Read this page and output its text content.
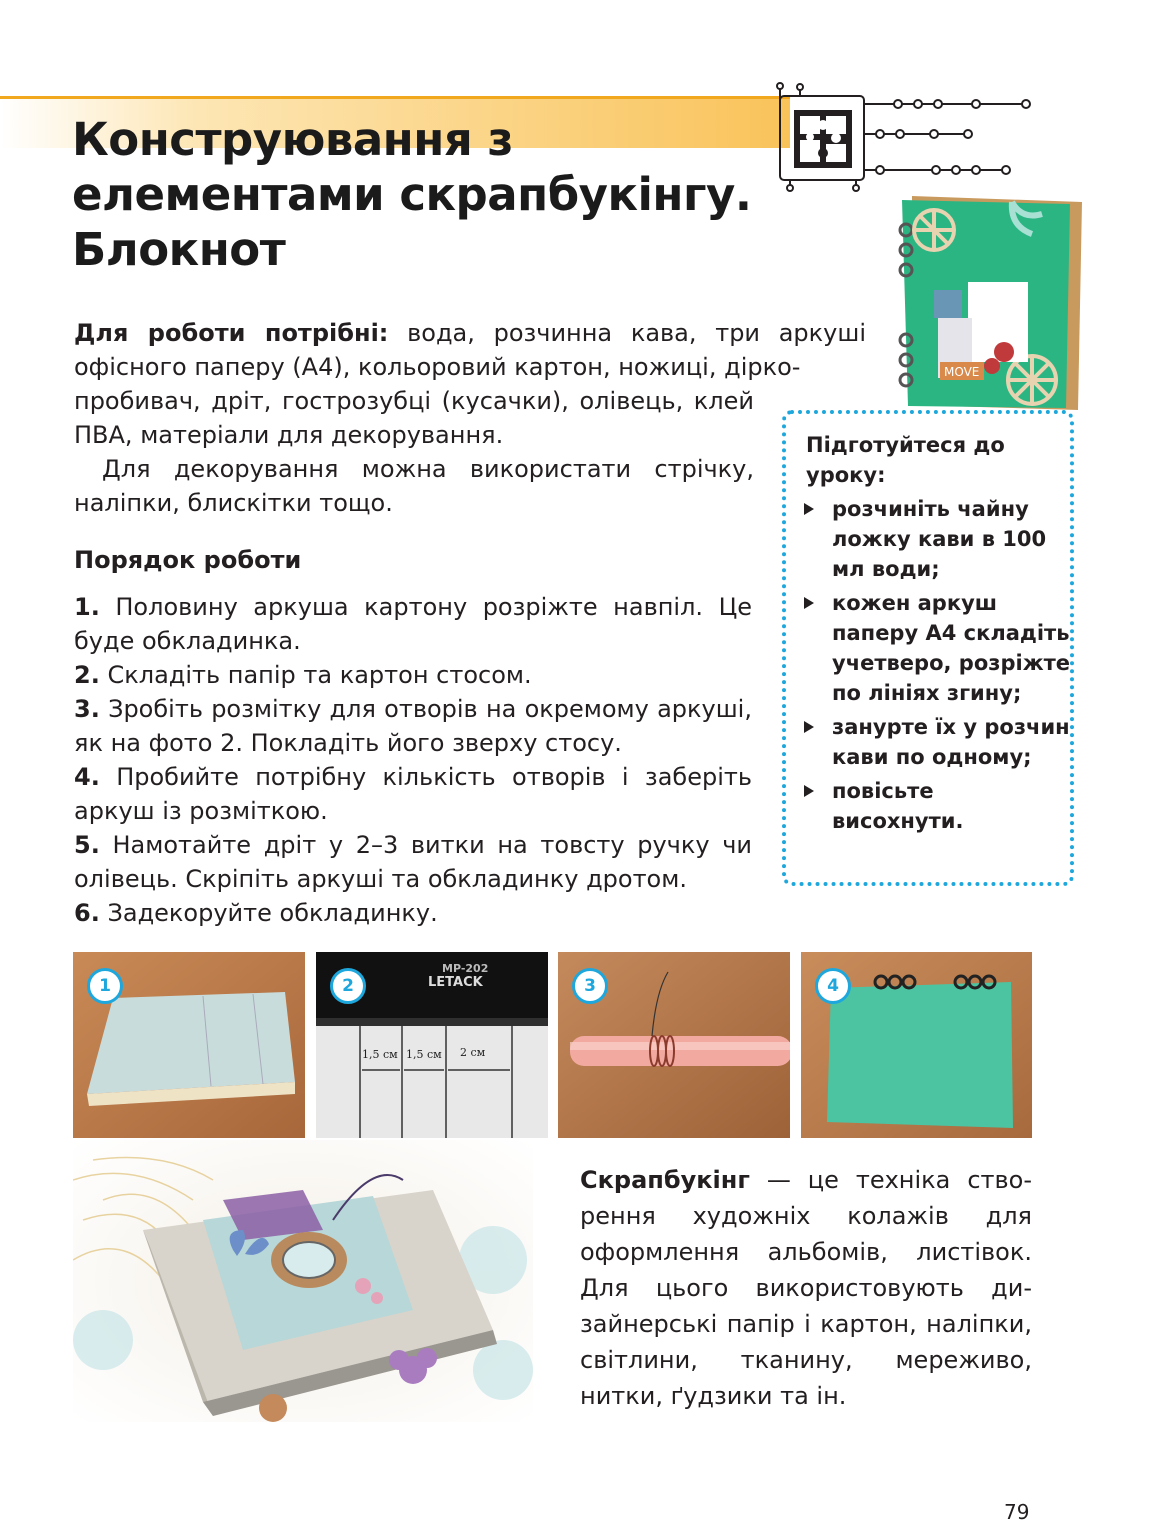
Конструювання з елементами скрапбукінгу. Блокнот
MOVE

Для роботи потрібні: вода, розчинна кава, три аркуші офісного паперу (А4), кольоровий картон, ножиці, дірко-

пробивач, дріт, гострозубці (кусачки), олівець, клей ПВА, матеріали для декорування.

Для декорування можна використати стрічку, наліпки, блискітки тощо.

Порядок роботи

1. Половину аркуша картону розріжте навпіл. Це буде обкладинка.

2. Складіть папір та картон стосом.

3. Зробіть розмітку для отворів на окремому аркуші, як на фото 2. Покладіть його зверху стосу.

4. Пробийте потрібну кількість отворів і заберіть аркуш із розміткою.

5. Намотайте дріт у 2–3 витки на товсту ручку чи олівець. Скріпіть аркуші та обкладинку дротом.

6. Задекоруйте обкладинку.

Підготуйтеся до уроку:

розчиніть чайну ложку кави в 100 мл води;
кожен аркуш паперу А4 складіть учетверо, розріжте по лініях згину;
занурте їх у розчин кави по одному;
повісьте висохнути.
1
MP-202
LETACK
1,5 см 1,5 см 2 см
2	3	4

Скрапбукінг — це техніка створення художніх колажів для оформлення альбомів, листівок. Для цього використовують дизайнерські папір і картон, наліпки, світлини, тканину, мереживо, нитки, ґудзики та ін.

79
